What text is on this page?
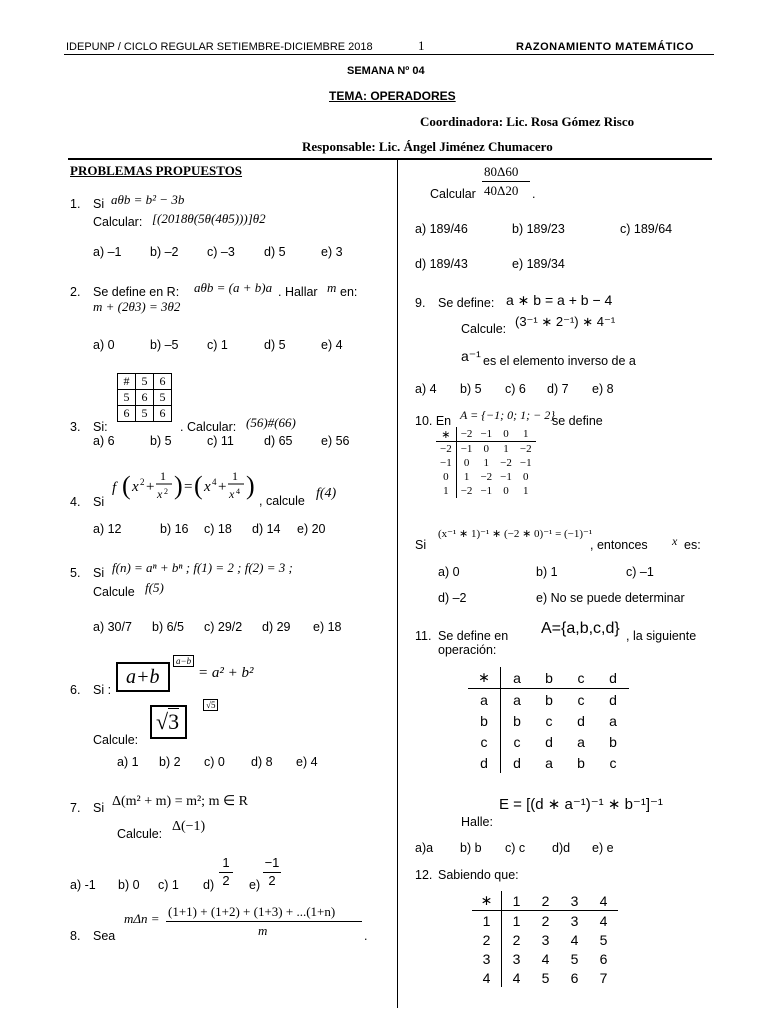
IDEPUNP / CICLO REGULAR SETIEMBRE-DICIEMBRE 2018	1	RAZONAMIENTO MATEMÁTICO
SEMANA Nº 04
TEMA: OPERADORES
Coordinadora: Lic. Rosa Gómez Risco
Responsable: Lic. Ángel Jiménez Chumacero
PROBLEMAS PROPUESTOS
1. Si aθb = b² − 3b
Calcular: [(2018θ(5θ(4θ5)))]θ2
a) –1 b) –2 c) –3 d) 5	e) 3
2. Se define en R: aθb = (a + b)a . Hallar m en:
m + (2θ3) = 3θ2
a) 0	b) –5 c) 1	d) 5	e) 4
#	5	6
5	6	5
6	5	6
3. Si:	. Calcular: (56)#(66)
a) 6	b) 5	c) 11 d) 65 e) 56
4. Si
f ( x 2 +
1
x 2 ) = ( x 4 +
1
x 4 )
, calcule f(4)
a) 12	b) 16 c) 18 d) 14 e) 20
5. Si f(n) = aⁿ + bⁿ ; f(1) = 2 ; f(2) = 3 ;
Calcule f(5)
a) 30/7 b) 6/5 c) 29/2 d) 29 e) 18
6. Si :
a+b
a−b
= a² + b²
Calcule:
√3
√5
a) 1 b) 2 c) 0 d) 8 e) 4
7. Si Δ(m² + m) = m²; m ∈ R
Calcule: Δ(−1)
a) -1 b) 0 c) 1 d)
1
2 e)
−1
2
8. Sea
mΔn = (1+1) + (1+2) + (1+3) + ...(1+n)
m	.
80Δ60
40Δ20
Calcular	.
a) 189/46	b) 189/23	c) 189/64
d) 189/43	e) 189/34
9. Se define: a ∗ b = a + b − 4
Calcule: (3⁻¹ ∗ 2⁻¹) ∗ 4⁻¹
a⁻¹ es el elemento inverso de a
a) 4 b) 5 c) 6 d) 7 e) 8
10. En A = {−1; 0; 1; − 2}
se define
∗	−2	−1	0	1
−2	−1	0	1	−2
−1	0	1	−2	−1
0	1	−2	−1	0
1	−2	−1	0	1
Si
(x⁻¹ ∗ 1)⁻¹ ∗ (−2 ∗ 0)⁻¹ = (−1)⁻¹
, entonces x es:
a) 0	b) 1	c) –1
d) –2	e) No se puede determinar
11. Se define en A={a,b,c,d} , la siguiente
operación:
∗	a	b	c	d
a	a	b	c	d
b	b	c	d	a
c	c	d	a	b
d	d	a	b	c
Halle:
E = [(d ∗ a⁻¹)⁻¹ ∗ b⁻¹]⁻¹
a)a b) b c) c d)d e) e
12. Sabiendo que:
∗	1	2	3	4
1	1	2	3	4
2	2	3	4	5
3	3	4	5	6
4	4	5	6	7
